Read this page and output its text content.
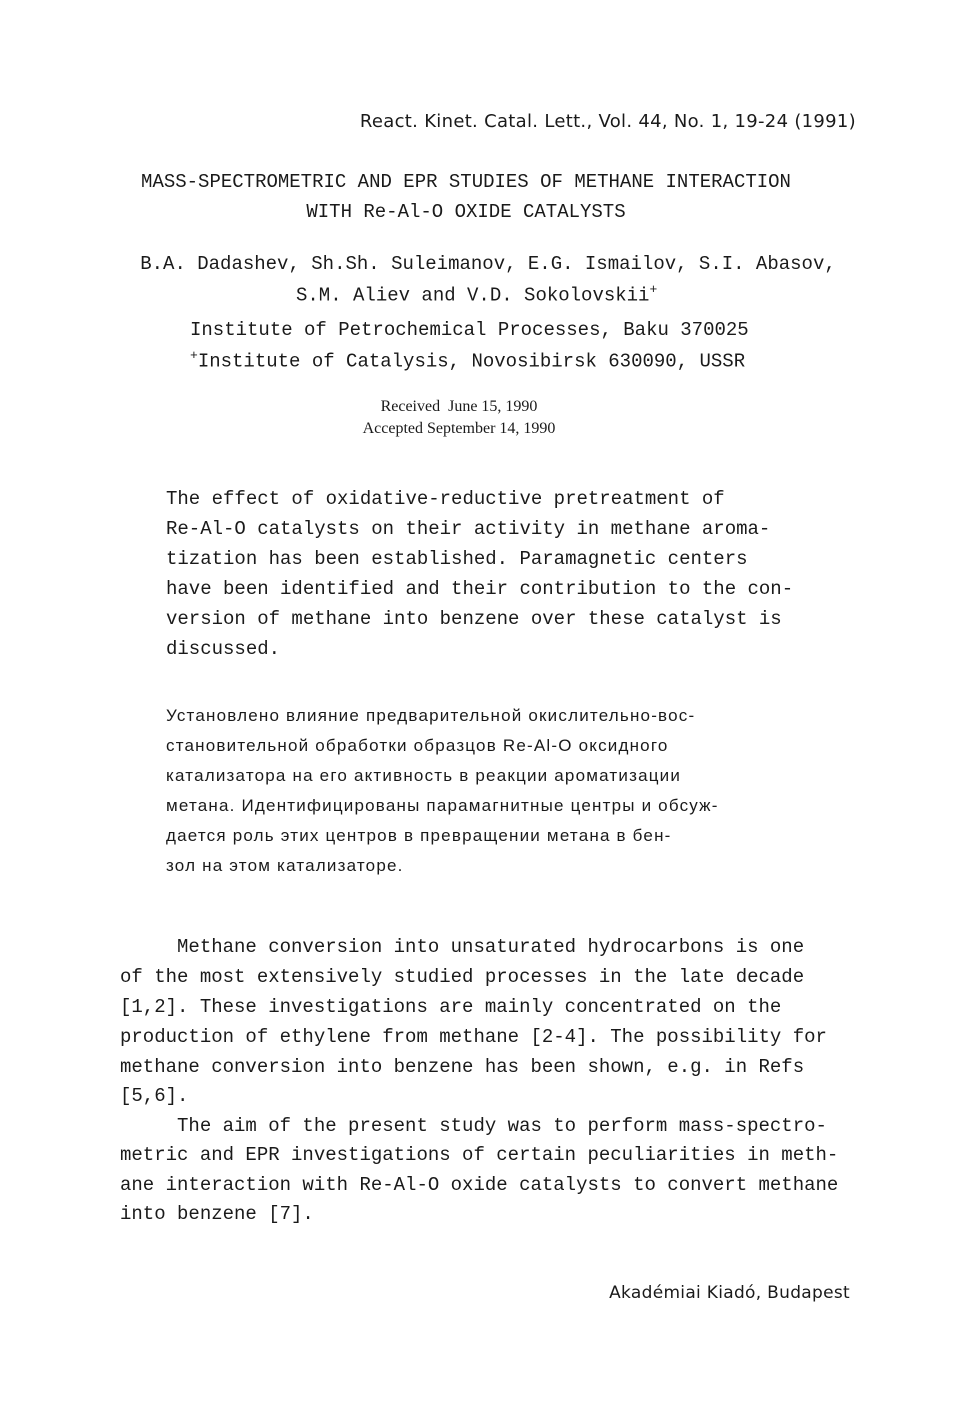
React. Kinet. Catal. Lett., Vol. 44, No. 1, 19-24 (1991)
MASS-SPECTROMETRIC AND EPR STUDIES OF METHANE INTERACTION
WITH Re-Al-O OXIDE CATALYSTS
B.A. Dadashev, Sh.Sh. Suleimanov, E.G. Ismailov, S.I. Abasov,
S.M. Aliev and V.D. Sokolovskii+
Institute of Petrochemical Processes, Baku 370025
+Institute of Catalysis, Novosibirsk 630090, USSR
Received  June 15, 1990
Accepted September 14, 1990
The effect of oxidative-reductive pretreatment of
Re-Al-O catalysts on their activity in methane aroma-
tization has been established. Paramagnetic centers
have been identified and their contribution to the con-
version of methane into benzene over these catalyst is
discussed.
Установлено влияние предварительной окислительно-вос-
становительной обработки образцов Re-Al-O оксидного
катализатора на его активность в реакции ароматизации
метана. Идентифицированы парамагнитные центры и обсуж-
дается роль этих центров в превращении метана в бен-
зол на этом катализаторе.
Methane conversion into unsaturated hydrocarbons is one
of the most extensively studied processes in the late decade
[1,2]. These investigations are mainly concentrated on the
production of ethylene from methane [2-4]. The possibility for
methane conversion into benzene has been shown, e.g. in Refs
[5,6].
The aim of the present study was to perform mass-spectro-
metric and EPR investigations of certain peculiarities in meth-
ane interaction with Re-Al-O oxide catalysts to convert methane
into benzene [7].
Akadémiai Kiadó, Budapest
